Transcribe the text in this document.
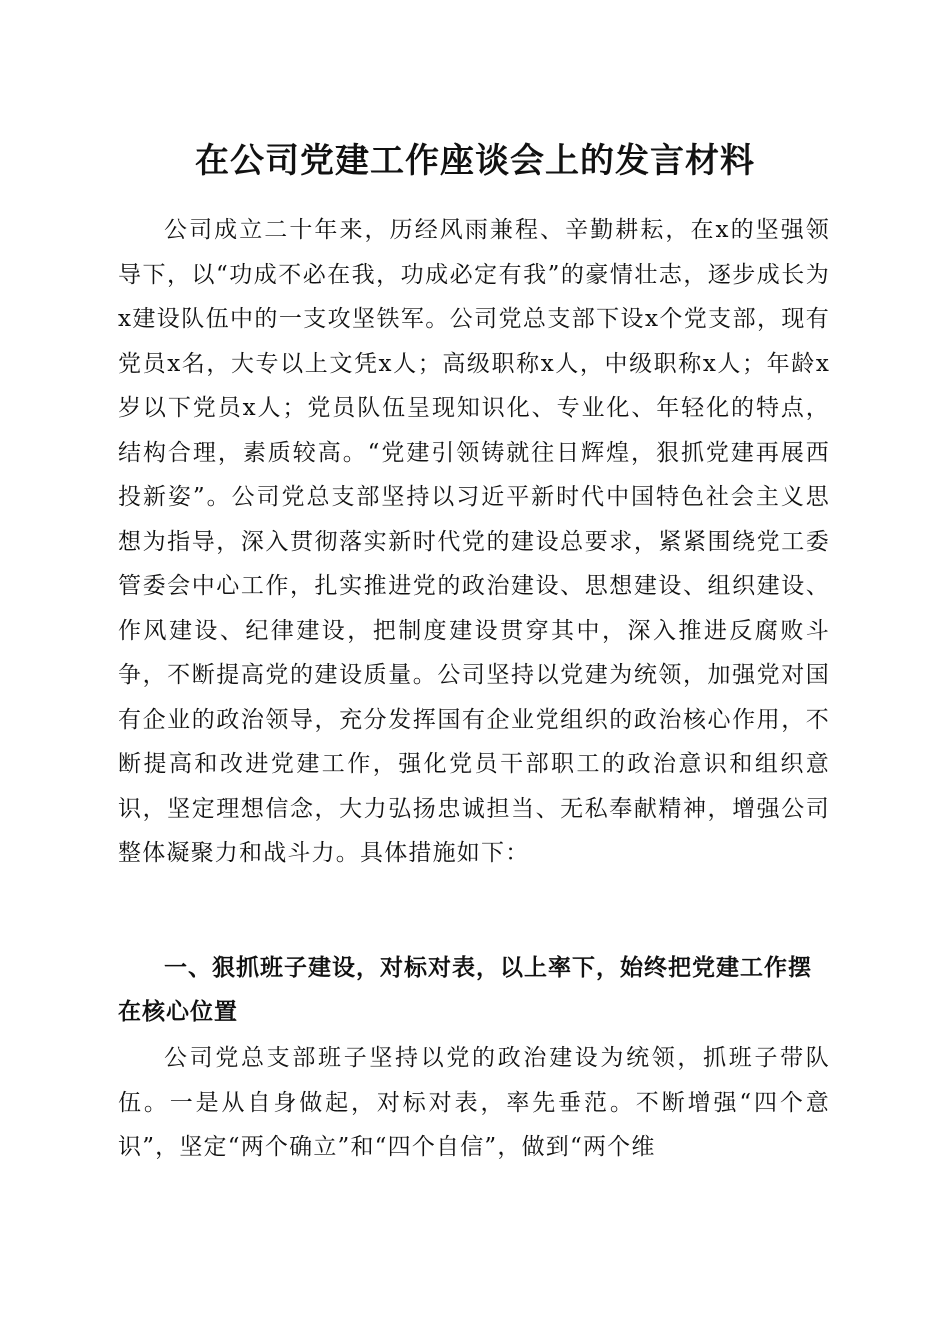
在公司党建工作座谈会上的发言材料

公司成立二十年来，历经风雨兼程、辛勤耕耘，在x的坚强领导下，以“功成不必在我，功成必定有我”的豪情壮志，逐步成长为x建设队伍中的一支攻坚铁军。公司党总支部下设x个党支部，现有党员x名，大专以上文凭x人；高级职称x人，中级职称x人；年龄x岁以下党员x人；党员队伍呈现知识化、专业化、年轻化的特点，结构合理，素质较高。“党建引领铸就往日辉煌，狠抓党建再展西投新姿”。公司党总支部坚持以习近平新时代中国特色社会主义思想为指导，深入贯彻落实新时代党的建设总要求，紧紧围绕党工委管委会中心工作，扎实推进党的政治建设、思想建设、组织建设、作风建设、纪律建设，把制度建设贯穿其中，深入推进反腐败斗争，不断提高党的建设质量。公司坚持以党建为统领，加强党对国有企业的政治领导，充分发挥国有企业党组织的政治核心作用，不断提高和改进党建工作，强化党员干部职工的政治意识和组织意识，坚定理想信念，大力弘扬忠诚担当、无私奉献精神，增强公司整体凝聚力和战斗力。具体措施如下：

一、狠抓班子建设，对标对表，以上率下，始终把党建工作摆在核心位置

公司党总支部班子坚持以党的政治建设为统领，抓班子带队伍。一是从自身做起，对标对表，率先垂范。不断增强“四个意识”，坚定“两个确立”和“四个自信”，做到“两个维
